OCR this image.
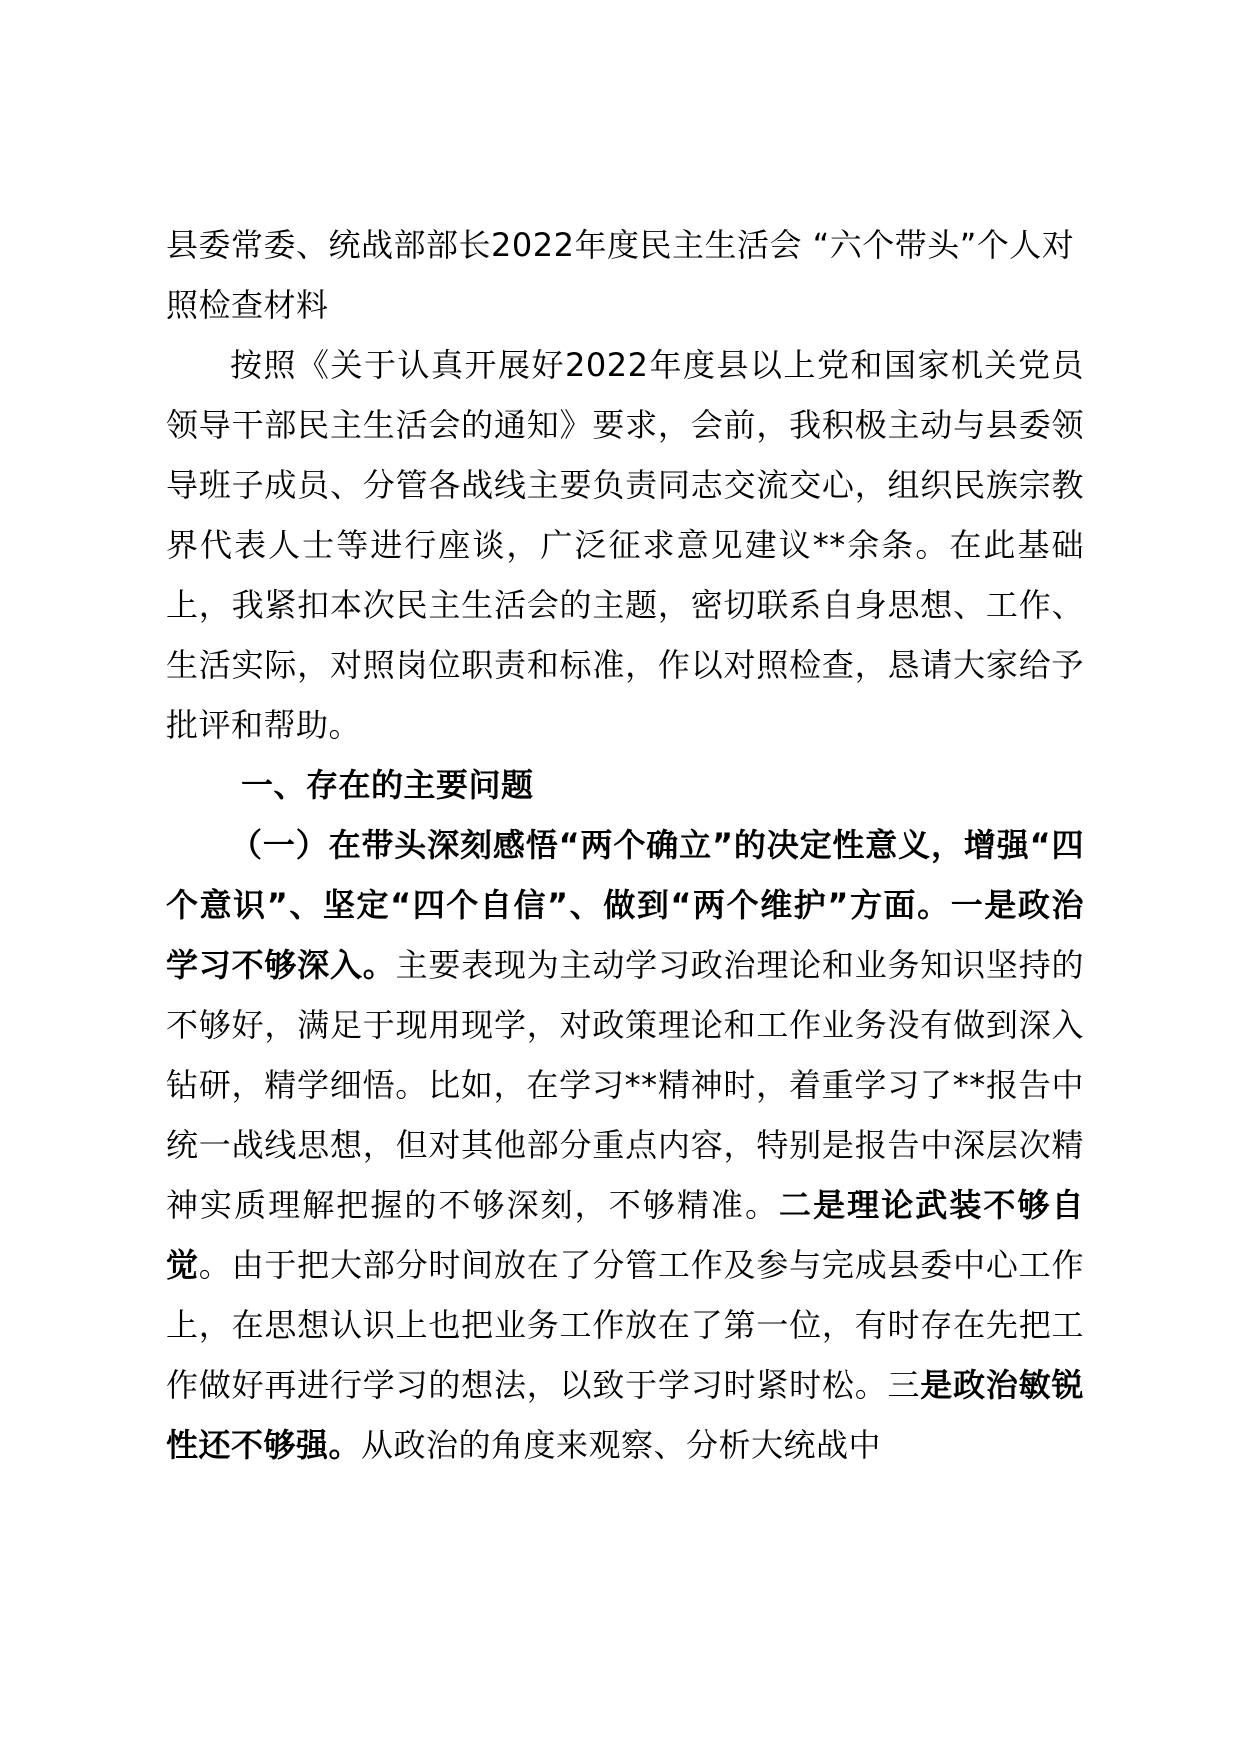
县委常委、统战部部长2022年度民主生活会 “六个带头”个人对照检查材料

按照《关于认真开展好2022年度县以上党和国家机关党员领导干部民主生活会的通知》要求，会前，我积极主动与县委领导班子成员、分管各战线主要负责同志交流交心，组织民族宗教界代表人士等进行座谈，广泛征求意见建议**余条。在此基础上，我紧扣本次民主生活会的主题，密切联系自身思想、工作、生活实际，对照岗位职责和标准，作以对照检查，恳请大家给予批评和帮助。

一、存在的主要问题

（一）在带头深刻感悟“两个确立”的决定性意义，增强“四个意识”、坚定“四个自信”、做到“两个维护”方面。一是政治学习不够深入。主要表现为主动学习政治理论和业务知识坚持的不够好，满足于现用现学，对政策理论和工作业务没有做到深入钻研，精学细悟。比如，在学习**精神时，着重学习了**报告中统一战线思想，但对其他部分重点内容，特别是报告中深层次精神实质理解把握的不够深刻，不够精准。二是理论武装不够自觉。由于把大部分时间放在了分管工作及参与完成县委中心工作上，在思想认识上也把业务工作放在了第一位，有时存在先把工作做好再进行学习的想法，以致于学习时紧时松。三是政治敏锐性还不够强。从政治的角度来观察、分析大统战中
